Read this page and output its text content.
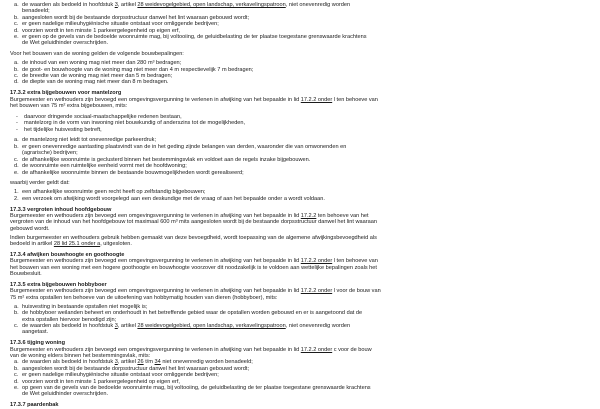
a. de waarden als bedoeld in hoofdstuk 3, artikel 28 weidevogelgebied, open landschap, verkavelingspatroon, niet onevenredig worden
benadeeld;
b. aangesloten wordt bij de bestaande dorpsstructuur danwel het lint waaraan gebouwd wordt;
c. er geen nadelige milieuhygiënische situatie ontstaat voor omliggende bedrijven;
d. voorzien wordt in ten minste 1 parkeergelegenheid op eigen erf,
e. er geen op de gevels van de bedoelde woonruimte mag, bij voltooiing, de geluidbelasting de ter plaatse toegestane grenswaarde krachtens
de Wet geluidhinder overschrijden.

Voor het bouwen van de woning gelden de volgende bouwbepalingen:

a. de inhoud van een woning mag niet meer dan 280 m³ bedragen;
b. de goot- en bouwhoogte van de woning mag niet meer dan 4 m respectievelijk 7 m bedragen;
c. de breedte van de woning mag niet meer dan 5 m bedragen;
d. de diepte van de woning mag niet meer dan 8 m bedragen.

17.3.2 extra bijgebouwen voor mantelzorg

Burgemeester en wethouders zijn bevoegd een omgevingsvergunning te verlenen in afwijking van het bepaalde in lid 17.2.2 onder l ten behoeve van

het bouwen van 75 m² extra bijgebouwen, mits:

-	daarvoor dringende sociaal-maatschappelijke redenen bestaan,
-	mantelzorg in de vorm van inwoning niet bouwkundig of anderszins tot de mogelijkheden,
-	het tijdelijke huisvesting betreft,
a. de mantelzorg niet leidt tot onevenredige parkeerdruk;
b. er geen onevenredige aantasting plaatsvindt van de in het geding zijnde belangen van derden, waaronder die van omwonenden en
(agrarische) bedrijven;
c. de afhankelijke woonruimte is geclusterd binnen het bestemmingsvlak en voldoet aan de regels inzake bijgebouwen.
d. de woonruimte een ruimtelijke eenheid vormt met de hoofdwoning;
e. de afhankelijke woonruimte binnen de bestaande bouwmogelijkheden wordt gerealiseerd;

waarbij verder geldt dat:

1. een afhankelijke woonruimte geen recht heeft op zelfstandig bijgebouwen;
2. een verzoek om afwijking wordt voorgelegd aan een deskundige met de vraag of aan het bepaalde onder a wordt voldaan.

17.3.3 vergroten inhoud hoofdgebouw

Burgemeester en wethouders zijn bevoegd een omgevingsvergunning te verlenen in afwijking van het bepaalde in lid 17.2.2 ten behoeve van het

vergroten van de inhoud van het hoofdgebouw tot maximaal 600 m³ mits aangesloten wordt bij de bestaande dorpsstructuur danwel het lint waaraan

gebouwd wordt.

Indien burgemeester en wethouders gebruik hebben gemaakt van deze bevoegdheid, wordt toepassing van de algemene afwijkingsbevoegdheid als

bedoeld in artikel 28 lid 25.1 onder a, uitgesloten.

17.3.4 afwijken bouwhoogte en goothoogte

Burgemeester en wethouders zijn bevoegd een omgevingsvergunning te verlenen in afwijking van het bepaalde in lid 17.2.2 onder l ten behoeve van

het bouwen van een woning met een hogere goothoogte en bouwhoogte voorzover dit noodzakelijk is te voldoen aan wettelijke bepalingen zoals het

Bouwbesluit.

17.3.5 extra bijgebouwen hobbyboer

Burgemeester en wethouders zijn bevoegd een omgevingsvergunning te verlenen in afwijking van het bepaalde in lid 17.2.2 onder l voor de bouw van

75 m² extra opstallen ten behoeve van de uitoefening van hobbymatig houden van dieren (hobbyboer), mits:

a. huisvesting in bestaande opstallen niet mogelijk is;
b. de hobbyboer weilanden beheert en onderhoudt in het betreffende gebied waar de opstallen worden gebouwd en er is aangetoond dat de
extra opstallen hiervoor benodigd zijn;
c. de waarden als bedoeld in hoofdstuk 3, artikel 28 weidevogelgebied, open landschap, verkavelingspatroon, niet onevenredig worden
aangetast.

17.3.6 tijging woning

Burgemeester en wethouders zijn bevoegd een omgevingsvergunning te verlenen in afwijking van het bepaalde in lid 17.2.2 onder c voor de bouw

van de woning elders binnen het bestemmingsvlak, mits:

a. de waarden als bedoeld in hoofdstuk 3, artikel 26 t/m 34 niet onevenredig worden benadeeld;
b. aangesloten wordt bij de bestaande dorpsstructuur danwel het lint waaraan gebouwd wordt;
c. er geen nadelige milieuhygiënische situatie ontstaat voor omliggende bedrijven;
d. voorzien wordt in ten minste 1 parkeergelegenheid op eigen erf,
e. op geen van de gevels van de bedoelde woonruimte mag, bij voltooiing, de geluidbelasting de ter plaatse toegestane grenswaarde krachtens
de Wet geluidhinder overschrijden.

17.3.7 paardenbak
